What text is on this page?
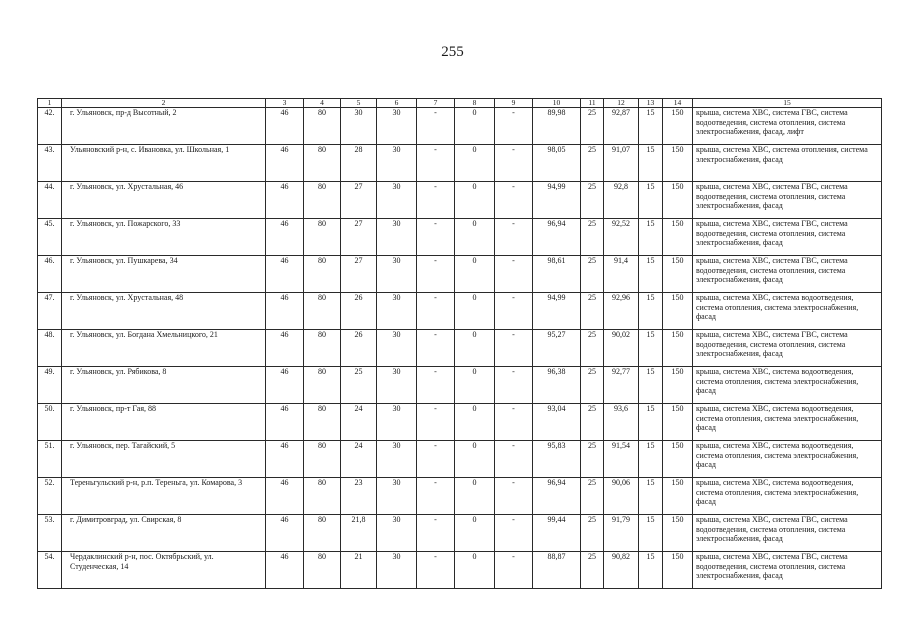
255
1	2	3	4	5	6	7	8	9	10	11	12	13	14	15
42.	г. Ульяновск, пр-д Высотный, 2	46	80	30	30	-	0	-	89,98	25	92,87	15	150	крыша, система ХВС, система ГВС, система водоотведения, система отопления, система электроснабжения, фасад, лифт
43.	Ульяновский р-н, с. Ивановка, ул. Школьная, 1	46	80	28	30	-	0	-	98,05	25	91,07	15	150	крыша, система ХВС, система отопления, система электроснабжения, фасад
44.	г. Ульяновск, ул. Хрустальная, 46	46	80	27	30	-	0	-	94,99	25	92,8	15	150	крыша, система ХВС, система ГВС, система водоотведения, система отопления, система электроснабжения, фасад
45.	г. Ульяновск, ул. Пожарского, 33	46	80	27	30	-	0	-	96,94	25	92,52	15	150	крыша, система ХВС, система ГВС, система водоотведения, система отопления, система электроснабжения, фасад
46.	г. Ульяновск, ул. Пушкарева, 34	46	80	27	30	-	0	-	98,61	25	91,4	15	150	крыша, система ХВС, система ГВС, система водоотведения, система отопления, система электроснабжения, фасад
47.	г. Ульяновск, ул. Хрустальная, 48	46	80	26	30	-	0	-	94,99	25	92,96	15	150	крыша, система ХВС, система водоотведения, система отопления, система электроснабжения, фасад
48.	г. Ульяновск, ул. Богдана Хмельницкого, 21	46	80	26	30	-	0	-	95,27	25	90,02	15	150	крыша, система ХВС, система ГВС, система водоотведения, система отопления, система электроснабжения, фасад
49.	г. Ульяновск, ул. Рябикова, 8	46	80	25	30	-	0	-	96,38	25	92,77	15	150	крыша, система ХВС, система водоотведения, система отопления, система электроснабжения, фасад
50.	г. Ульяновск, пр-т Гая, 88	46	80	24	30	-	0	-	93,04	25	93,6	15	150	крыша, система ХВС, система водоотведения, система отопления, система электроснабжения, фасад
51.	г. Ульяновск, пер. Тагайский, 5	46	80	24	30	-	0	-	95,83	25	91,54	15	150	крыша, система ХВС, система водоотведения, система отопления, система электроснабжения, фасад
52.	Тереньгульский р-н, р.п. Тереньга, ул. Комарова, 3	46	80	23	30	-	0	-	96,94	25	90,06	15	150	крыша, система ХВС, система водоотведения, система отопления, система электроснабжения, фасад
53.	г. Димитровград, ул. Свирская, 8	46	80	21,8	30	-	0	-	99,44	25	91,79	15	150	крыша, система ХВС, система ГВС, система водоотведения, система отопления, система электроснабжения, фасад
54.	Чердаклинский р-н, пос. Октябрьский, ул. Студенческая, 14	46	80	21	30	-	0	-	88,87	25	90,82	15	150	крыша, система ХВС, система ГВС, система водоотведения, система отопления, система электроснабжения, фасад
